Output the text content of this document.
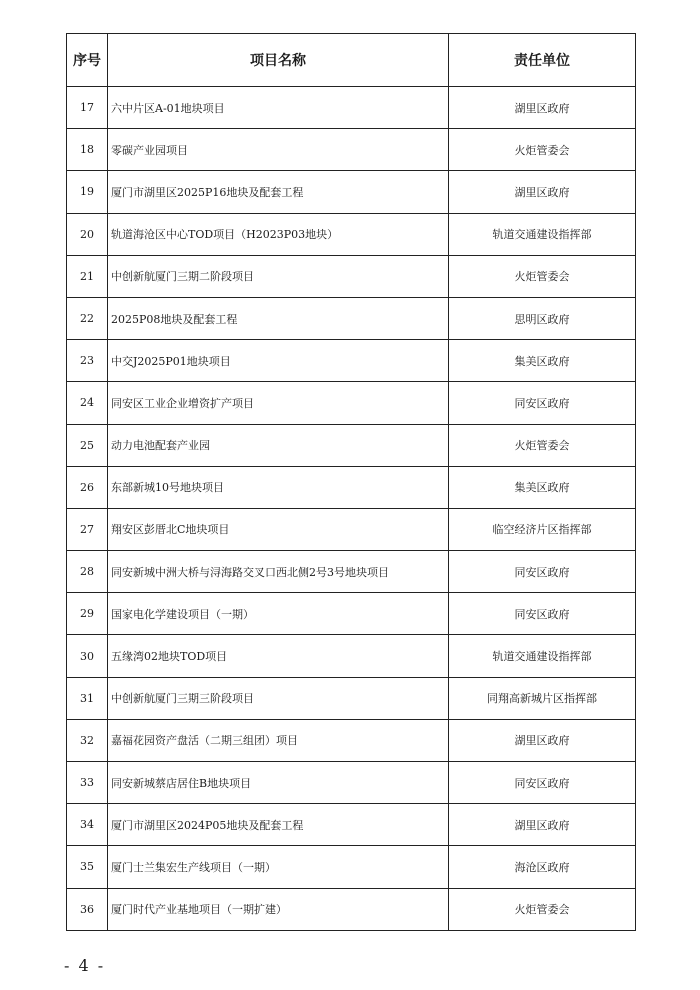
序号	项目名称	责任单位
17	六中片区A-01地块项目	湖里区政府
18	零碳产业园项目	火炬管委会
19	厦门市湖里区2025P16地块及配套工程	湖里区政府
20	轨道海沧区中心TOD项目（H2023P03地块）	轨道交通建设指挥部
21	中创新航厦门三期二阶段项目	火炬管委会
22	2025P08地块及配套工程	思明区政府
23	中交J2025P01地块项目	集美区政府
24	同安区工业企业增资扩产项目	同安区政府
25	动力电池配套产业园	火炬管委会
26	东部新城10号地块项目	集美区政府
27	翔安区彭厝北C地块项目	临空经济片区指挥部
28	同安新城中洲大桥与浔海路交叉口西北侧2号3号地块项目	同安区政府
29	国家电化学建设项目（一期）	同安区政府
30	五缘湾02地块TOD项目	轨道交通建设指挥部
31	中创新航厦门三期三阶段项目	同翔高新城片区指挥部
32	嘉福花园资产盘活（二期三组团）项目	湖里区政府
33	同安新城蔡店居住B地块项目	同安区政府
34	厦门市湖里区2024P05地块及配套工程	湖里区政府
35	厦门士兰集宏生产线项目（一期）	海沧区政府
36	厦门时代产业基地项目（一期扩建）	火炬管委会
- 4 -
